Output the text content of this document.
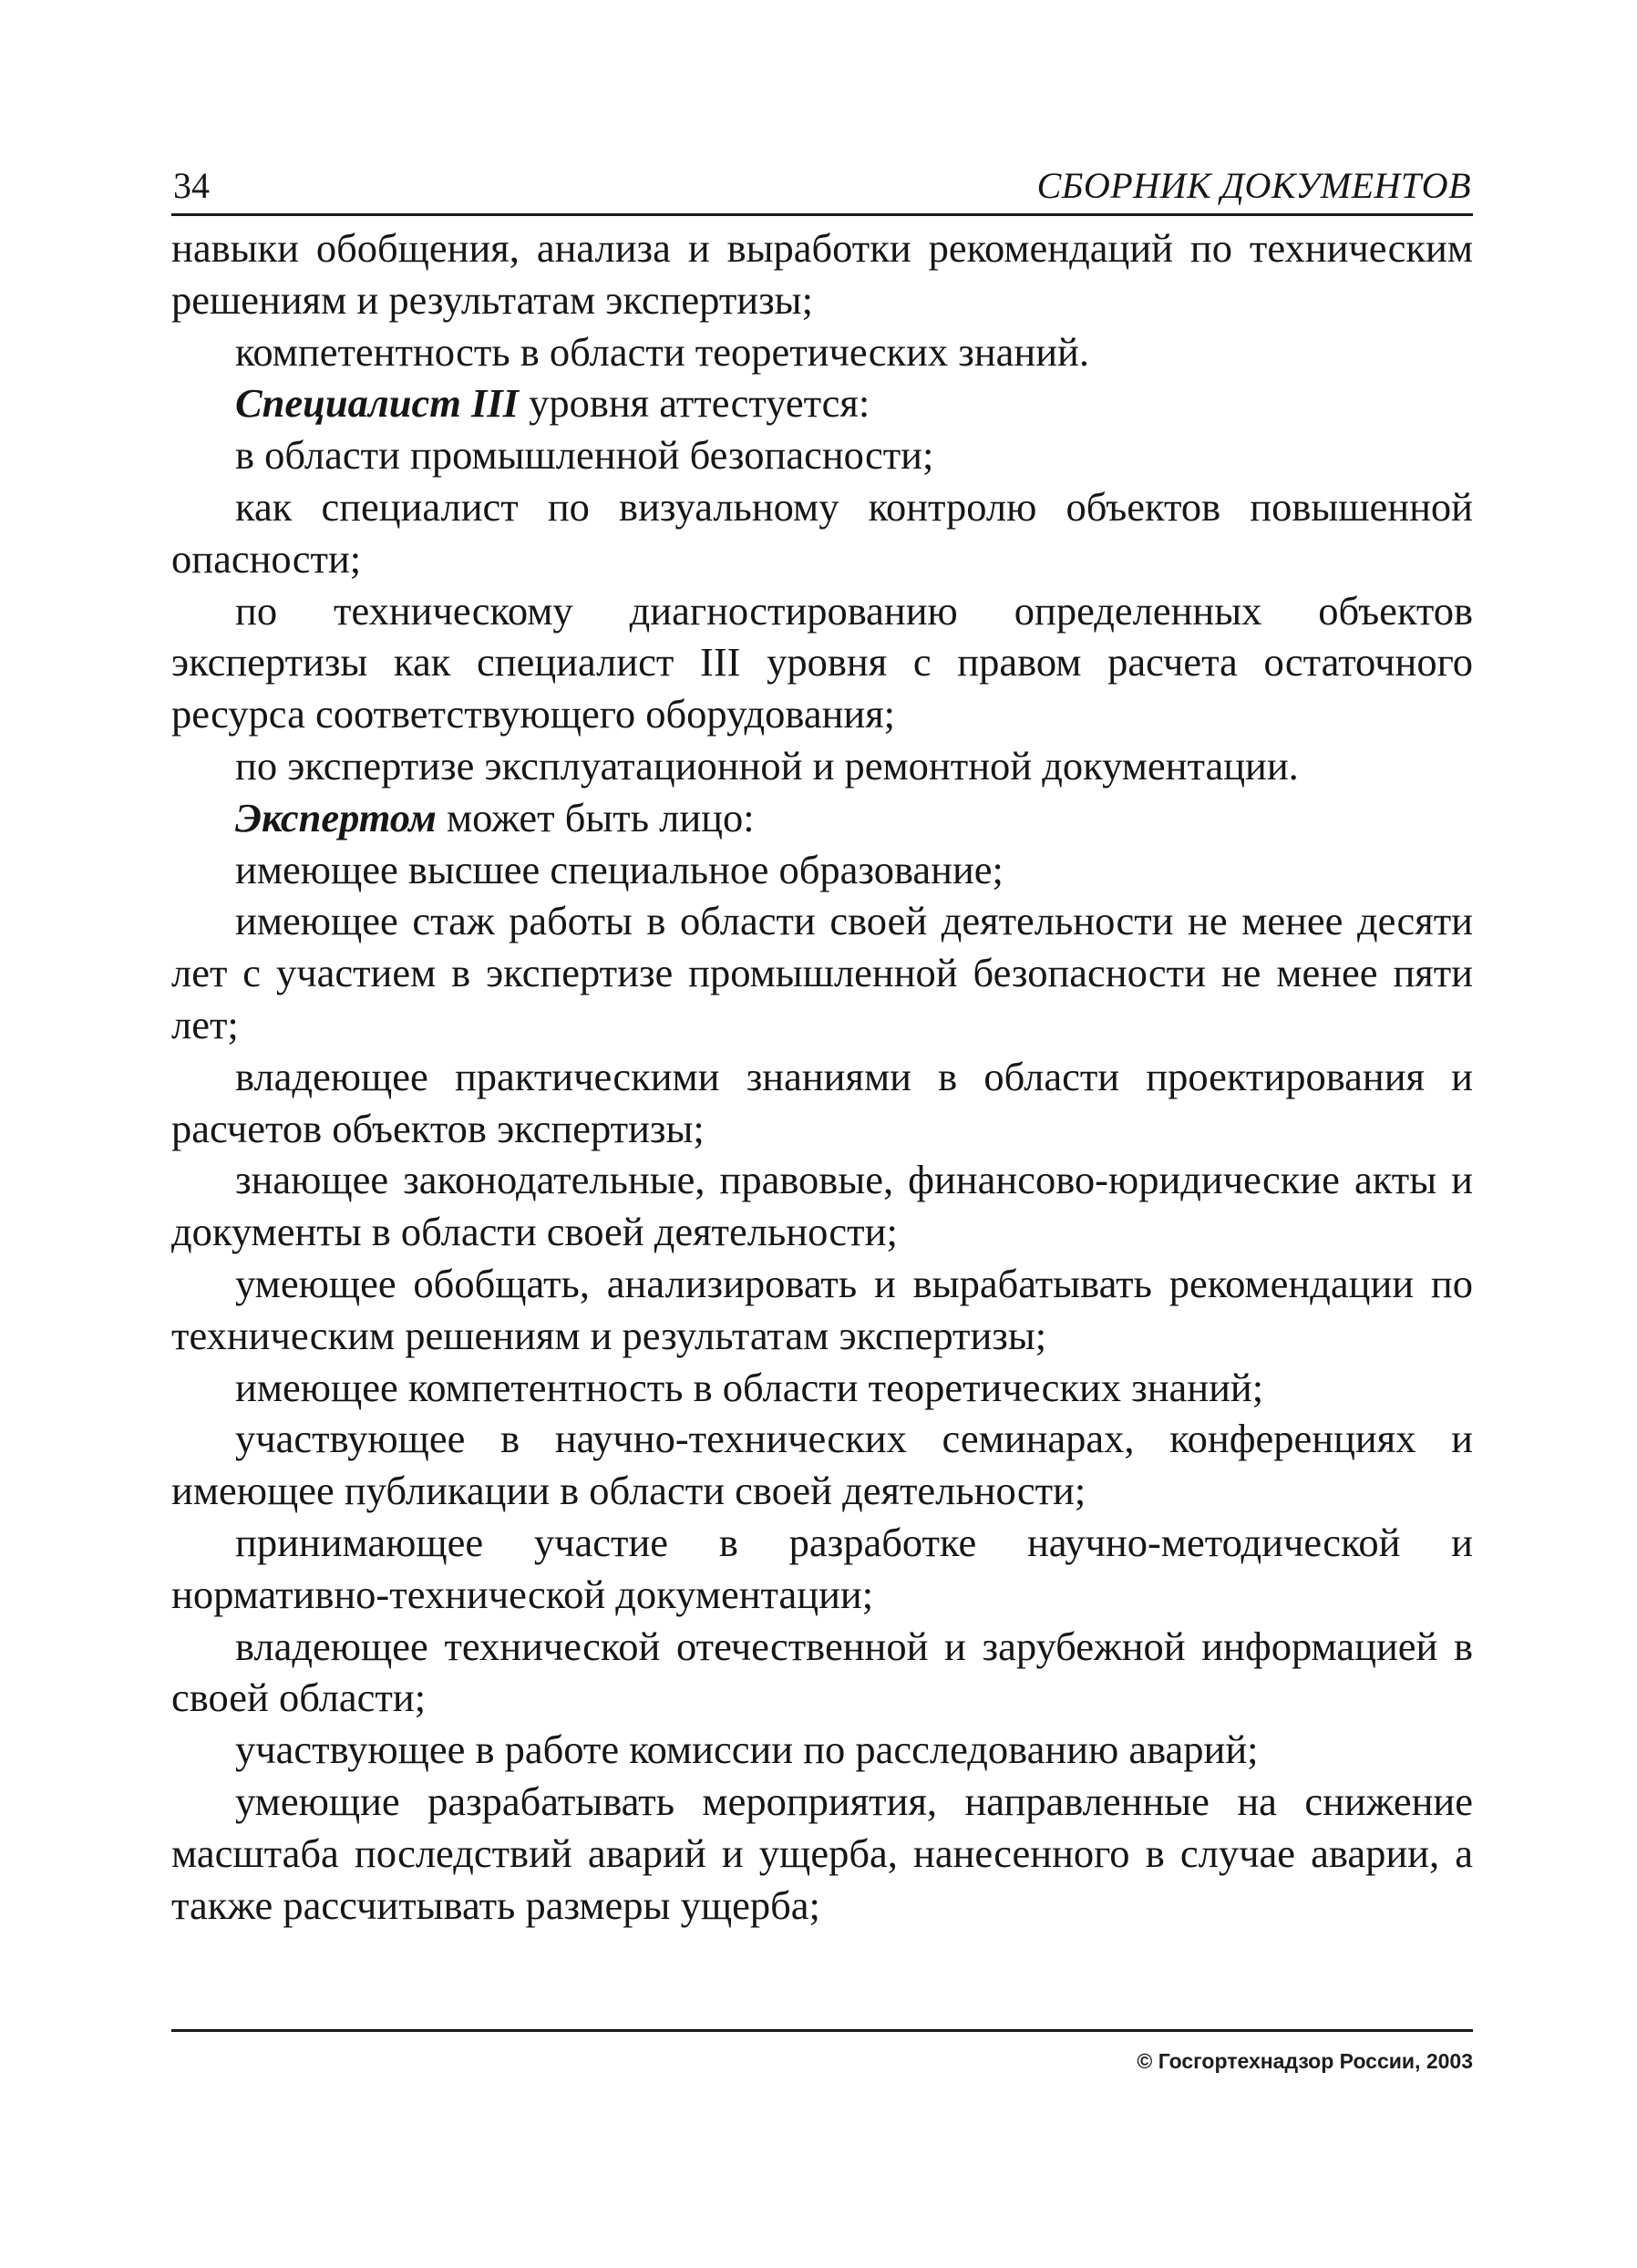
34	СБОРНИК ДОКУМЕНТОВ

навыки обобщения, анализа и выработки рекомендаций по техническим решениям и результатам экспертизы;

компетентность в области теоретических знаний.

Специалист III уровня аттестуется:

в области промышленной безопасности;

как специалист по визуальному контролю объектов повышенной опасности;

по техническому диагностированию определенных объектов экспертизы как специалист III уровня с правом расчета остаточного ресурса соответствующего оборудования;

по экспертизе эксплуатационной и ремонтной документации.

Экспертом может быть лицо:

имеющее высшее специальное образование;

имеющее стаж работы в области своей деятельности не менее десяти лет с участием в экспертизе промышленной безопасности не менее пяти лет;

владеющее практическими знаниями в области проектирования и расчетов объектов экспертизы;

знающее законодательные, правовые, финансово-юридические акты и документы в области своей деятельности;

умеющее обобщать, анализировать и вырабатывать рекомендации по техническим решениям и результатам экспертизы;

имеющее компетентность в области теоретических знаний;

участвующее в научно-технических семинарах, конференциях и имеющее публикации в области своей деятельности;

принимающее участие в разработке научно-методической и нормативно-технической документации;

владеющее технической отечественной и зарубежной информацией в своей области;

участвующее в работе комиссии по расследованию аварий;

умеющие разрабатывать мероприятия, направленные на снижение масштаба последствий аварий и ущерба, нанесенного в случае аварии, а также рассчитывать размеры ущерба;

© Госгортехнадзор России, 2003
